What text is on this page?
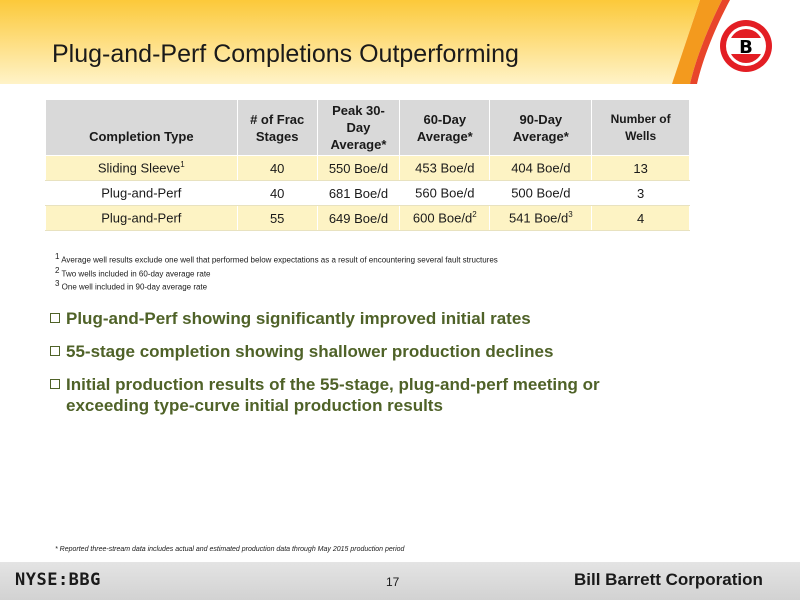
Plug-and-Perf Completions Outperforming	B
Completion Type	# of Frac Stages	Peak 30-Day Average*	60-Day Average*	90-Day Average*	Number of Wells
Sliding Sleeve$^1$	40	550 Boe/d	453 Boe/d	404 Boe/d	13
Plug-and-Perf	40	681 Boe/d	560 Boe/d	500 Boe/d	3
Plug-and-Perf	55	649 Boe/d	600 Boe/$d^2$	541 Boe/$d^3$	4
$^1$ Average well results exclude one well that performed below expectations as a result of encountering several fault structures
$^2$ Two wells included in 60-day average rate
$^3$ One well included in 90-day average rate
Plug-and-Perf showing significantly improved initial rates
55-stage completion showing shallower production declines
Initial production results of the 55-stage, plug-and-perf meeting or exceeding type-curve initial production results
* Reported three-stream data includes actual and estimated production data through May 2015 production period
NYSE:BBG	17	Bill Barrett Corporation
